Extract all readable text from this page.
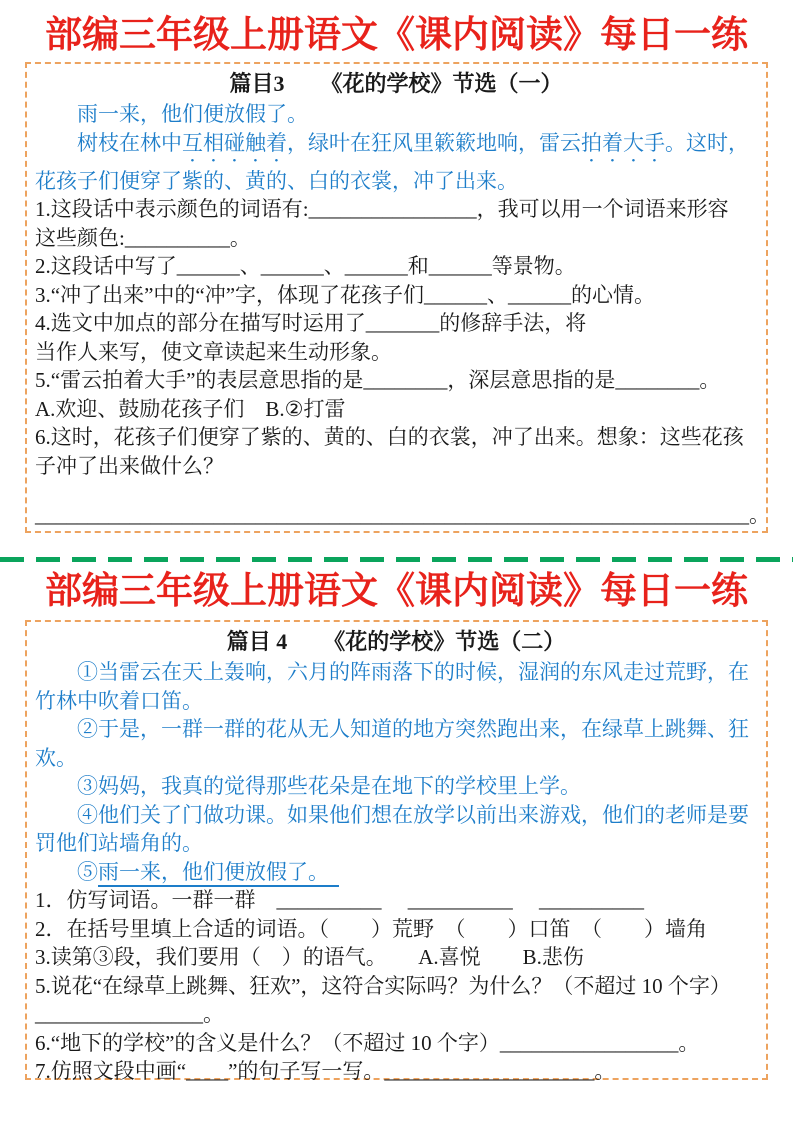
部编三年级上册语文《课内阅读》每日一练
篇目3 《花的学校》节选（一）

雨一来，他们便放假了。

树枝在林中互相碰触着，绿叶在狂风里簌簌地响，雷云拍着大手。这时，花孩子们便穿了紫的、黄的、白的衣裳，冲了出来。

1.这段话中表示颜色的词语有:________________，我可以用一个词语来形容
这些颜色:__________。
2.这段话中写了______、______、______和______等景物。
3.“冲了出来”中的“冲”字，体现了花孩子们______、______的心情。
4.选文中加点的部分在描写时运用了_______的修辞手法，将
当作人来写，使文章读起来生动形象。
5.“雷云拍着大手”的表层意思指的是________，深层意思指的是________。
A.欢迎、鼓励花孩子们　B.②打雷
6.这时，花孩子们便穿了紫的、黄的、白的衣裳，冲了出来。想象：这些花孩
子冲了出来做什么？
____________________________________________________________________。
部编三年级上册语文《课内阅读》每日一练
篇目 4 《花的学校》节选（二）

①当雷云在天上轰响，六月的阵雨落下的时候，湿润的东风走过荒野，在竹林中吹着口笛。

②于是，一群一群的花从无人知道的地方突然跑出来，在绿草上跳舞、狂欢。

③妈妈，我真的觉得那些花朵是在地下的学校里上学。

④他们关了门做功课。如果他们想在放学以前出来游戏，他们的老师是要罚他们站墙角的。

⑤雨一来，他们便放假了。

1．仿写词语。一群一群　__________　 __________　 __________
2．在括号里填上合适的词语。（　　）荒野　（　　）口笛　（　　）墙角
3.读第③段，我们要用（　）的语气。　　A.喜悦　　B.悲伤
5.说花“在绿草上跳舞、狂欢”，这符合实际吗？为什么？（不超过 10 个字）
________________。
6.“地下的学校”的含义是什么？（不超过 10 个字）_________________。
7.仿照文段中画“____”的句子写一写。____________________。
